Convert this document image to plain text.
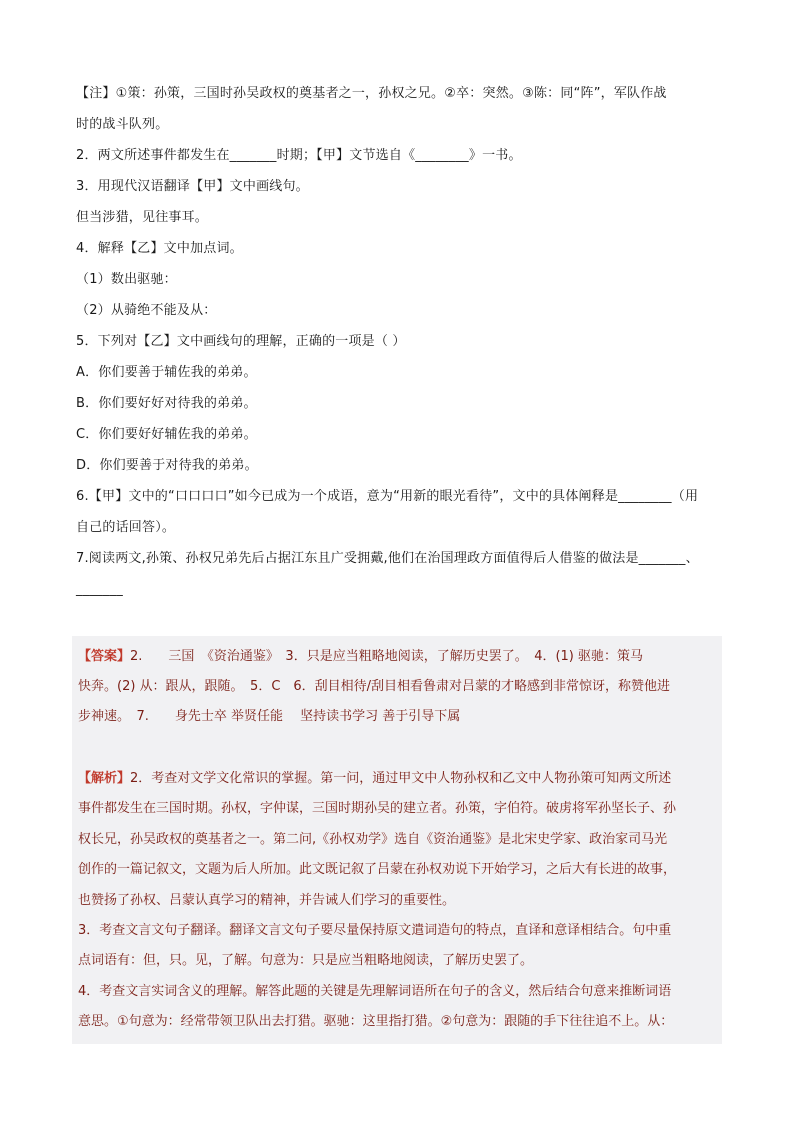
【注】①策：孙策，三国时孙吴政权的奠基者之一，孙权之兄。②卒：突然。③陈：同“阵”，军队作战

时的战斗队列。

2．两文所述事件都发生在_______时期；【甲】文节选自《________》一书。

3．用现代汉语翻译【甲】文中画线句。

但当涉猎，见往事耳。

4．解释【乙】文中加点词。

（1）数出驱驰：

（2）从骑绝不能及从：

5．下列对【乙】文中画线句的理解，正确的一项是（ ）

A．你们要善于辅佐我的弟弟。

B．你们要好好对待我的弟弟。

C．你们要好好辅佐我的弟弟。

D．你们要善于对待我的弟弟。

6.【甲】文中的“口口口口”如今已成为一个成语，意为“用新的眼光看待”，文中的具体阐释是________（用

自己的话回答）。

7.阅读两文,孙策、孙权兄弟先后占据江东且广受拥戴,他们在治国理政方面值得后人借鉴的做法是_______、

_______

【答案】2.　　三国　《资治通鉴》　3．只是应当粗略地阅读，了解历史罢了。　4．(1) 驱驰：策马

快奔。(2) 从：跟从，跟随。　5．C　6．刮目相待/刮目相看鲁肃对吕蒙的才略感到非常惊讶，称赞他进

步神速。　7.　　身先士卒 举贤任能　 坚持读书学习 善于引导下属

【解析】2．考查对文学文化常识的掌握。第一问，通过甲文中人物孙权和乙文中人物孙策可知两文所述

事件都发生在三国时期。孙权，字仲谋，三国时期孙吴的建立者。孙策，字伯符。破虏将军孙坚长子、孙

权长兄，孙吴政权的奠基者之一。第二问,《孙权劝学》选自《资治通鉴》是北宋史学家、政治家司马光

创作的一篇记叙文，文题为后人所加。此文既记叙了吕蒙在孙权劝说下开始学习，之后大有长进的故事，

也赞扬了孙权、吕蒙认真学习的精神，并告诫人们学习的重要性。

3．考查文言文句子翻译。翻译文言文句子要尽量保持原文遣词造句的特点，直译和意译相结合。句中重

点词语有：但，只。见，了解。句意为：只是应当粗略地阅读，了解历史罢了。

4．考查文言实词含义的理解。解答此题的关键是先理解词语所在句子的含义，然后结合句意来推断词语

意思。①句意为：经常带领卫队出去打猎。驱驰：这里指打猎。②句意为：跟随的手下往往追不上。从：
